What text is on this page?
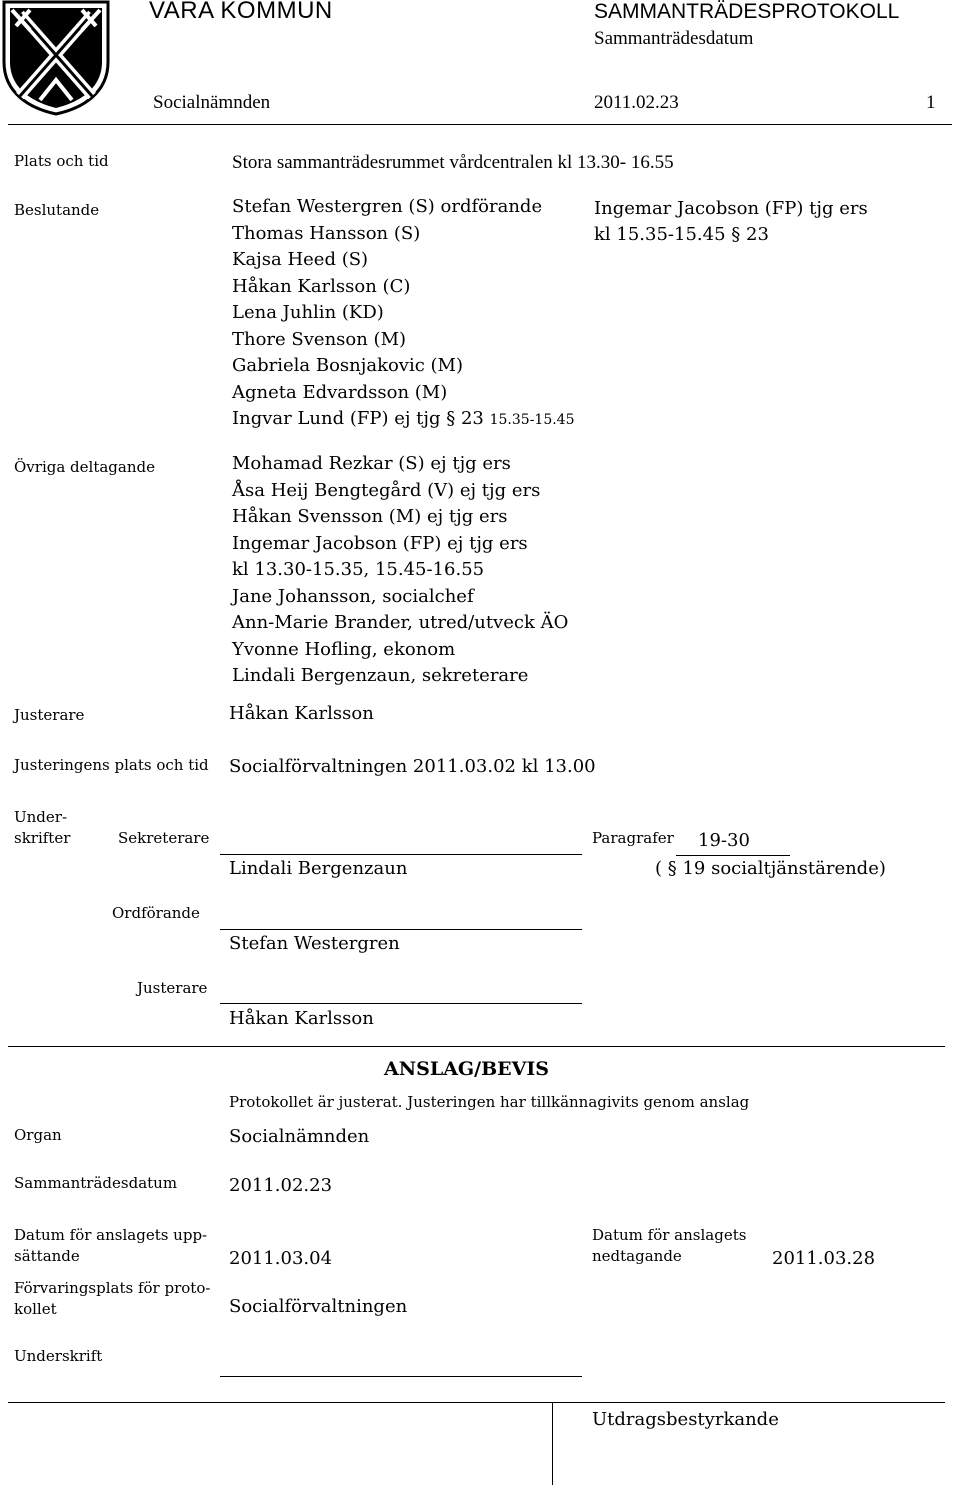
VARA KOMMUN	SAMMANTRÄDESPROTOKOLL
Sammanträdesdatum
Socialnämnden	2011.02.23	1
Plats och tid	Stora sammanträdesrummet vårdcentralen kl 13.30- 16.55
Beslutande	Stefan Westergren (S) ordförande
Thomas Hansson (S)
Kajsa Heed (S)
Håkan Karlsson (C)
Lena Juhlin (KD)
Thore Svenson (M)
Gabriela Bosnjakovic (M)
Agneta Edvardsson (M)
Ingvar Lund (FP) ej tjg § 23 15.35-15.45
Ingemar Jacobson (FP) tjg ers
kl 15.35-15.45 § 23
Övriga deltagande	Mohamad Rezkar (S) ej tjg ers
Åsa Heij Bengtegård (V) ej tjg ers
Håkan Svensson (M) ej tjg ers
Ingemar Jacobson (FP) ej tjg ers
kl 13.30-15.35, 15.45-16.55
Jane Johansson, socialchef
Ann-Marie Brander, utred/utveck ÄO
Yvonne Hofling, ekonom
Lindali Bergenzaun, sekreterare
Justerare	Håkan Karlsson
Justeringens plats och tid Socialförvaltningen 2011.03.02 kl 13.00
Under-
skrifter	Sekreterare
Lindali Bergenzaun
Paragrafer 19-30
( § 19 socialtjänstärende)
Ordförande
Stefan Westergren
Justerare
Håkan Karlsson
ANSLAG/BEVIS
Protokollet är justerat. Justeringen har tillkännagivits genom anslag
Organ	Socialnämnden
Sammanträdesdatum	2011.02.23
Datum för anslagets upp-
sättande	2011.03.04
Datum för anslagets
nedtagande	2011.03.28
Förvaringsplats för proto-
kollet	Socialförvaltningen
Underskrift
Utdragsbestyrkande
